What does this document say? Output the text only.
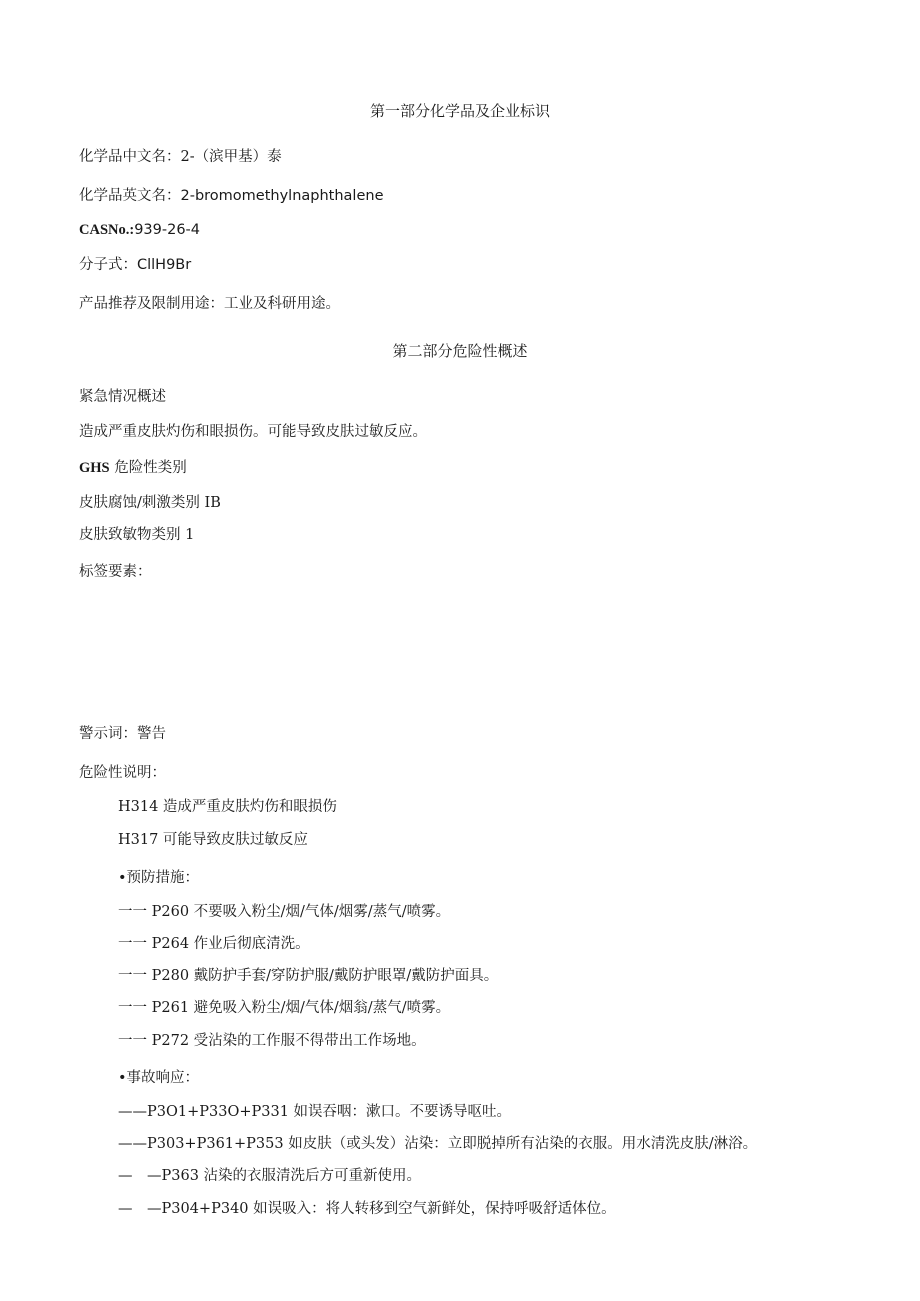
第一部分化学品及企业标识
化学品中文名：2-（滨甲基）泰
化学品英文名：2-bromomethylnaphthalene
CASNo.:939-26-4
分子式：CllH9Br
产品推荐及限制用途：工业及科研用途。
第二部分危险性概述
紧急情况概述
造成严重皮肤灼伤和眼损伤。可能导致皮肤过敏反应。
GHS 危险性类别
皮肤腐蚀/刺激类别 IB
皮肤致敏物类别 1
标签要素：
警示词：警告
危险性说明：
H314 造成严重皮肤灼伤和眼损伤
H317 可能导致皮肤过敏反应
•预防措施：
一一 P260 不要吸入粉尘/烟/气体/烟雾/蒸气/喷雾。
一一 P264 作业后彻底清洗。
一一 P280 戴防护手套/穿防护服/戴防护眼罩/戴防护面具。
一一 P261 避免吸入粉尘/烟/气体/烟翁/蒸气/喷雾。
一一 P272 受沾染的工作服不得带出工作场地。
•事故响应：
——P3O1+P33O+P331 如误吞咽：漱口。不要诱导呕吐。
——P303+P361+P353 如皮肤（或头发）沾染：立即脱掉所有沾染的衣服。用水清洗皮肤/淋浴。
—　—P363 沾染的衣服清洗后方可重新使用。
—　—P304+P340 如误吸入：将人转移到空气新鲜处，保持呼吸舒适体位。
